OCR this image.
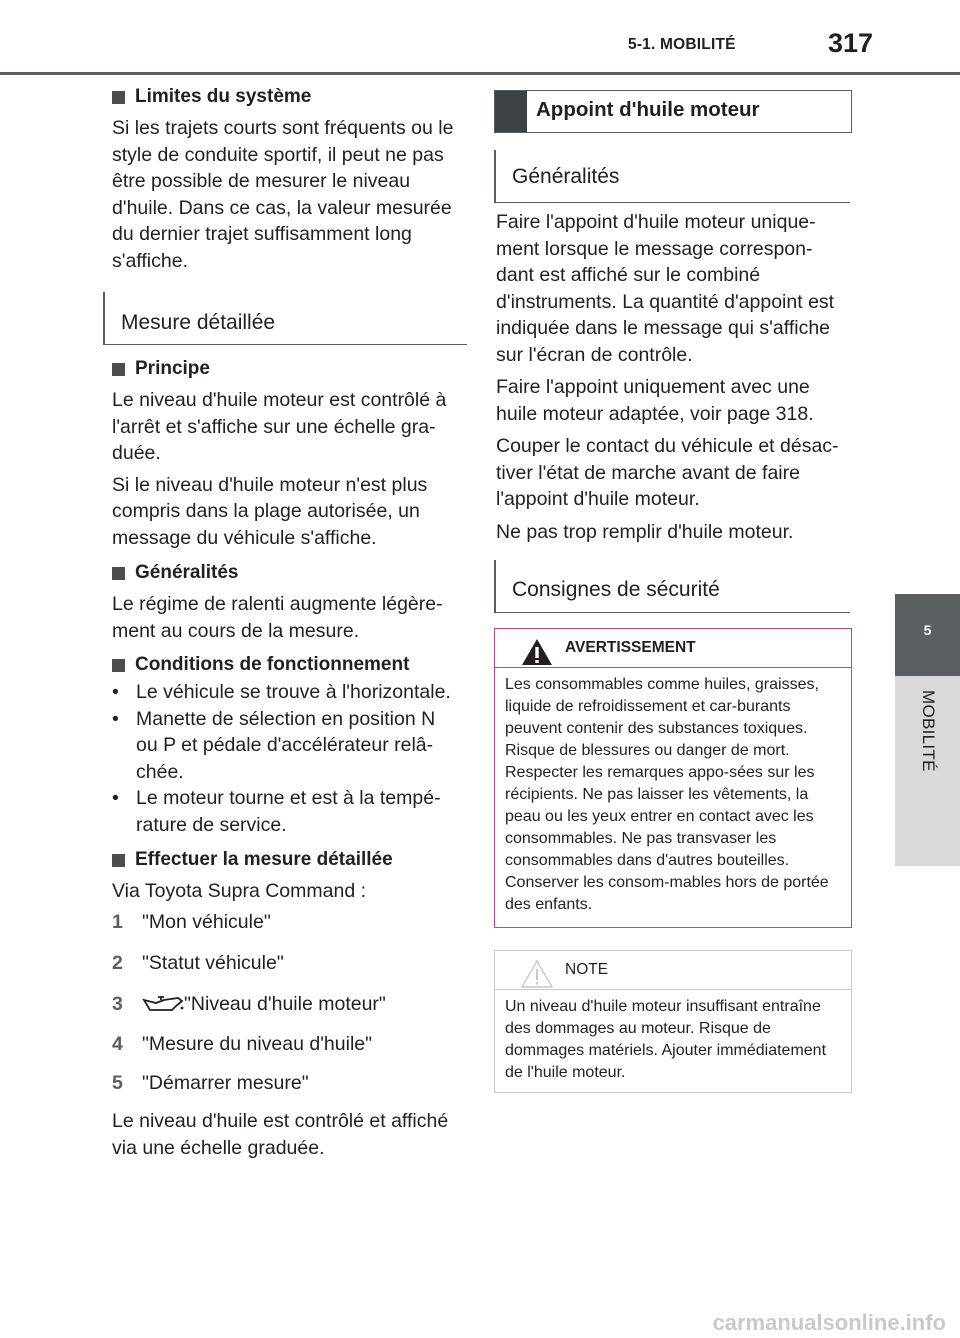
5-1. MOBILITÉ	317
5
MOBILITÉ
Limites du système
Si les trajets courts sont fréquents ou le style de conduite sportif, il peut ne pas être possible de mesurer le niveau d'huile. Dans ce cas, la valeur mesurée du dernier trajet suffisamment long s'affiche.
Mesure détaillée
Principe
Le niveau d'huile moteur est contrôlé à l'arrêt et s'affiche sur une échelle gra-duée.
Si le niveau d'huile moteur n'est plus compris dans la plage autorisée, un message du véhicule s'affiche.
Généralités
Le régime de ralenti augmente légère-ment au cours de la mesure.
Conditions de fonctionnement
• Le véhicule se trouve à l'horizontale.
• Manette de sélection en position N ou P et pédale d'accélérateur relâ-chée.
• Le moteur tourne et est à la tempé-rature de service.
Effectuer la mesure détaillée
Via Toyota Supra Command :
1 "Mon véhicule"
2 "Statut véhicule"
3	"Niveau d'huile moteur"
4 "Mesure du niveau d'huile"
5 "Démarrer mesure"
Le niveau d'huile est contrôlé et affiché via une échelle graduée.
Appoint d'huile moteur
Généralités
Faire l'appoint d'huile moteur unique-ment lorsque le message correspon-dant est affiché sur le combiné d'instruments. La quantité d'appoint est indiquée dans le message qui s'affiche sur l'écran de contrôle.
Faire l'appoint uniquement avec une huile moteur adaptée, voir page 318.
Couper le contact du véhicule et désac-tiver l'état de marche avant de faire l'appoint d'huile moteur.
Ne pas trop remplir d'huile moteur.
Consignes de sécurité
AVERTISSEMENT
Les consommables comme huiles, graisses, liquide de refroidissement et car-burants peuvent contenir des substances toxiques. Risque de blessures ou danger de mort. Respecter les remarques appo-sées sur les récipients. Ne pas laisser les vêtements, la peau ou les yeux entrer en contact avec les consommables. Ne pas transvaser les consommables dans d'autres bouteilles. Conserver les consom-mables hors de portée des enfants.
NOTE
Un niveau d'huile moteur insuffisant entraîne des dommages au moteur. Risque de dommages matériels. Ajouter immédiatement de l'huile moteur.
carmanualsonline.info
